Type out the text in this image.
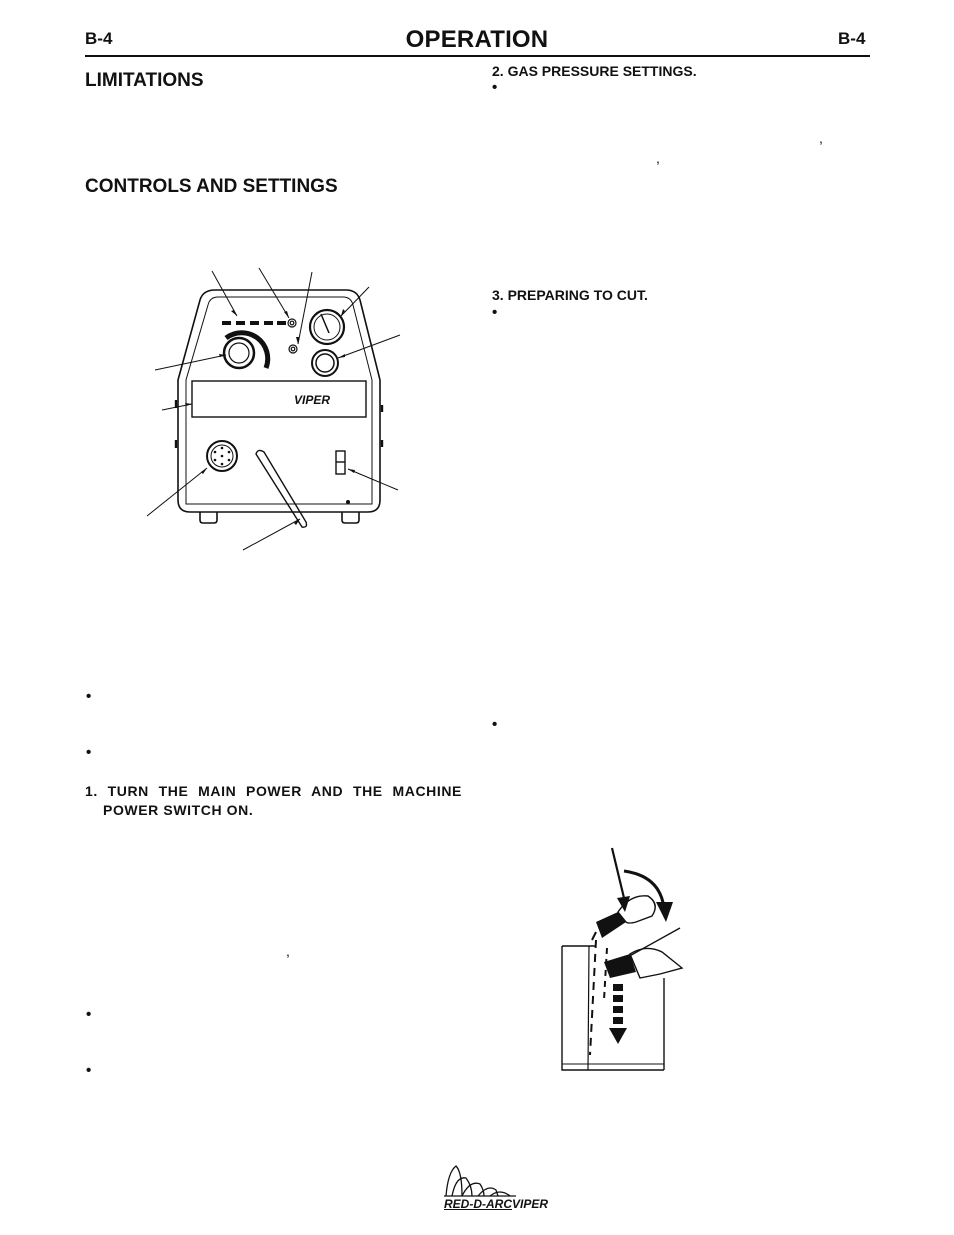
B-4	OPERATION	B-4
LIMITATIONS
CONTROLS AND SETTINGS
VIPER
•
•
1. TURN THE MAIN POWER AND THE MACHINE
POWER SWITCH ON.
,
•
•
2. GAS PRESSURE SETTINGS.
•
,
,
3. PREPARING TO CUT.
•
•
RED-D-ARCVIPER
